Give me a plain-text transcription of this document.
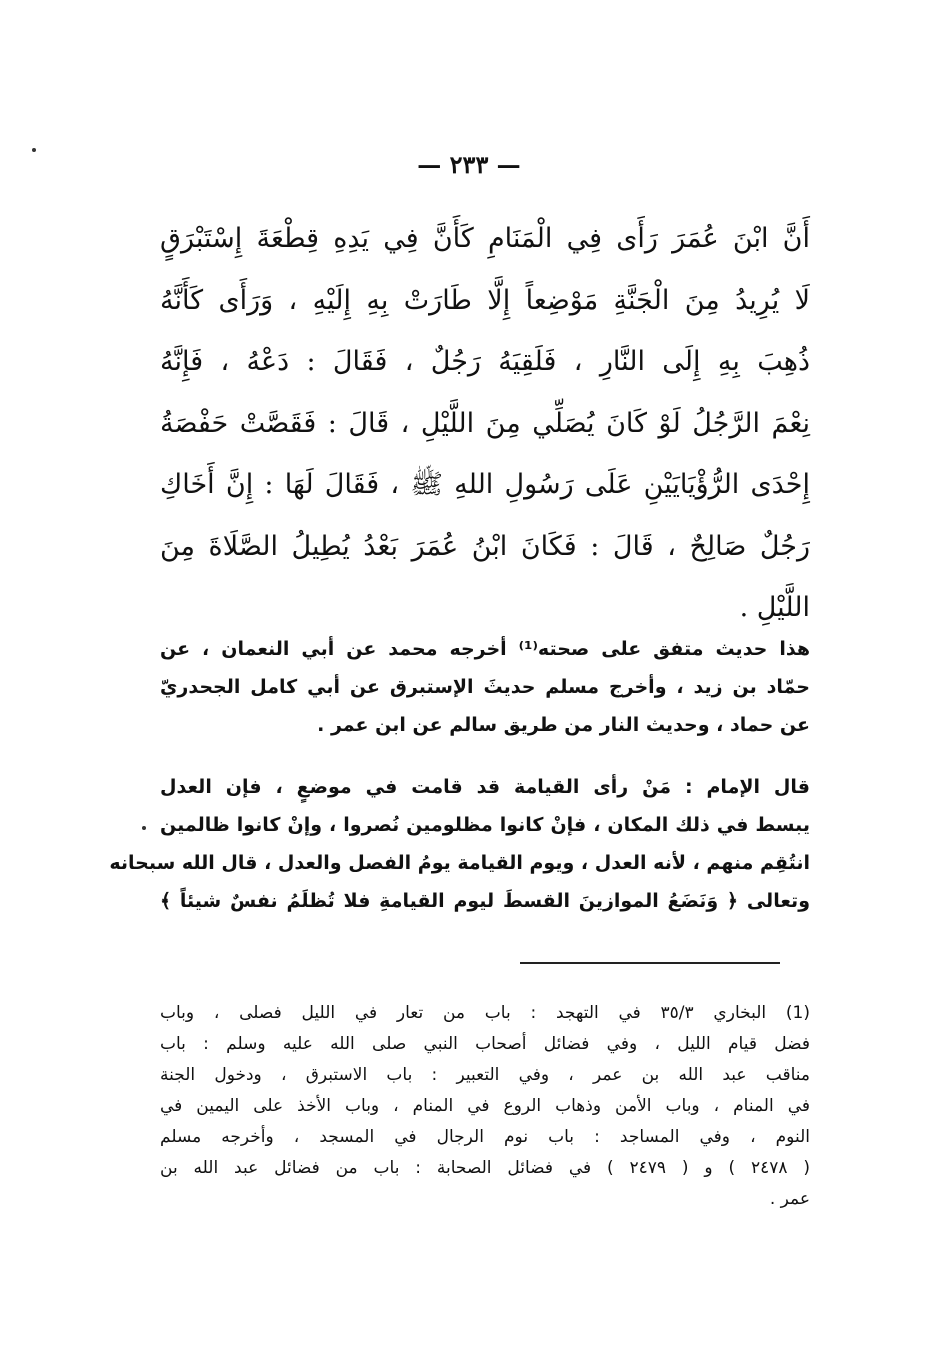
— ٢٣٣ —
أَنَّ ابْنَ عُمَرَ رَأَى فِي الْمَنَامِ كَأَنَّ فِي يَدِهِ قِطْعَةَ إِسْتَبْرَقٍ
لَا يُرِيدُ مِنَ الْجَنَّةِ مَوْضِعاً إِلَّا طَارَتْ بِهِ إِلَيْهِ ، وَرَأَى كَأَنَّهُ
ذُهِبَ بِهِ إِلَى النَّارِ ، فَلَقِيَهُ رَجُلٌ ، فَقَالَ : دَعْهُ ، فَإِنَّهُ
نِعْمَ الرَّجُلُ لَوْ كَانَ يُصَلِّي مِنَ اللَّيْلِ ، قَالَ : فَقَصَّتْ حَفْصَةُ
إِحْدَى الرُّؤْيَايَيْنِ عَلَى رَسُولِ اللهِ ﷺ ، فَقَالَ لَهَا : إِنَّ أَخَاكِ
رَجُلٌ صَالِحٌ ، قَالَ : فَكَانَ ابْنُ عُمَرَ بَعْدُ يُطِيلُ الصَّلَاةَ مِنَ
اللَّيْلِ .
هذا حديث متفق على صحته⁽¹⁾ أخرجه محمد عن أبي النعمان ، عن
حمّاد بن زيد ، وأخرج مسلم حديثَ الإستبرق عن أبي كامل الجحدريّ
عن حماد ، وحديث النار من طريق سالم عن ابن عمر .
قال الإمام : مَنْ رأى القيامة قد قامت في موضعٍ ، فإن العدل
يبسط في ذلك المكان ، فإنْ كانوا مظلومين نُصروا ، وإنْ كانوا ظالمين
انتُقِم منهم ، لأنه العدل ، ويوم القيامة يومُ الفصل والعدل ، قال الله سبحانه
وتعالى ﴿ وَنَضَعُ الموازينَ القسطَ ليوم القيامةِ فلا تُظلَمُ نفسٌ شيئاً ﴾
(1) البخاري ٣٥/٣ في التهجد : باب من تعار في الليل فصلى ، وباب
فضل قيام الليل ، وفي فضائل أصحاب النبي صلى الله عليه وسلم : باب
مناقب عبد الله بن عمر ، وفي التعبير : باب الاستبرق ، ودخول الجنة
في المنام ، وباب الأمن وذهاب الروع في المنام ، وباب الأخذ على اليمين في
النوم ، وفي المساجد : باب نوم الرجال في المسجد ، وأخرجه مسلم
( ٢٤٧٨ ) و ( ٢٤٧٩ ) في فضائل الصحابة : باب من فضائل عبد الله بن
عمر .
